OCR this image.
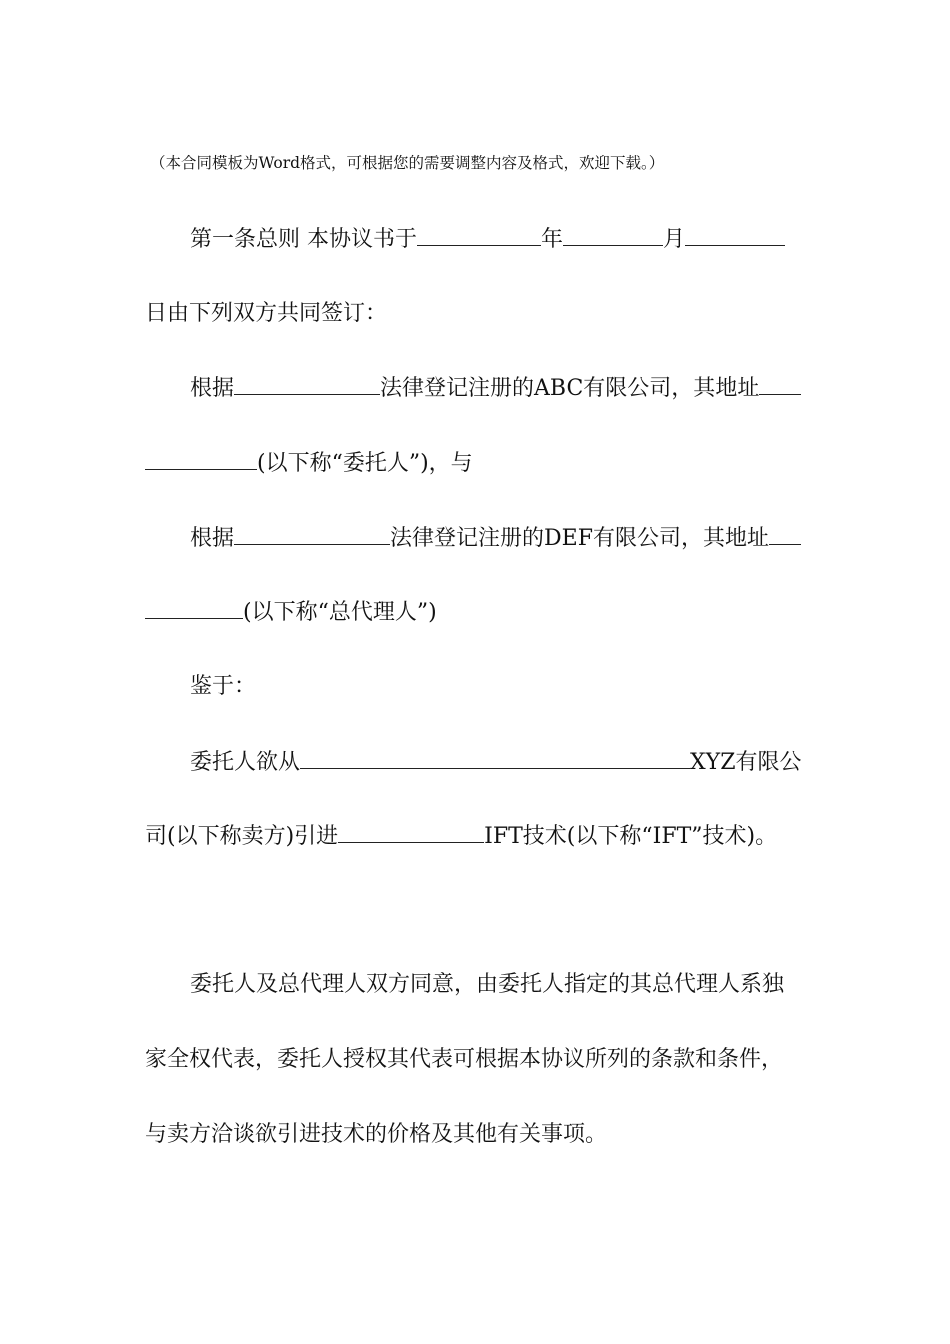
（本合同模板为Word格式，可根据您的需要调整内容及格式，欢迎下载。）
第一条总则 本协议书于	年	月
日由下列双方共同签订：
根据	法律登记注册的ABC有限公司，其地址
(以下称“委托人”)，与
根据	法律登记注册的DEF有限公司，其地址
(以下称“总代理人”)
鉴于：
委托人欲从	XYZ有限公
司(以下称卖方)引进	IFT技术(以下称“IFT”技术)。
委托人及总代理人双方同意，由委托人指定的其总代理人系独
家全权代表，委托人授权其代表可根据本协议所列的条款和条件，
与卖方洽谈欲引进技术的价格及其他有关事项。
